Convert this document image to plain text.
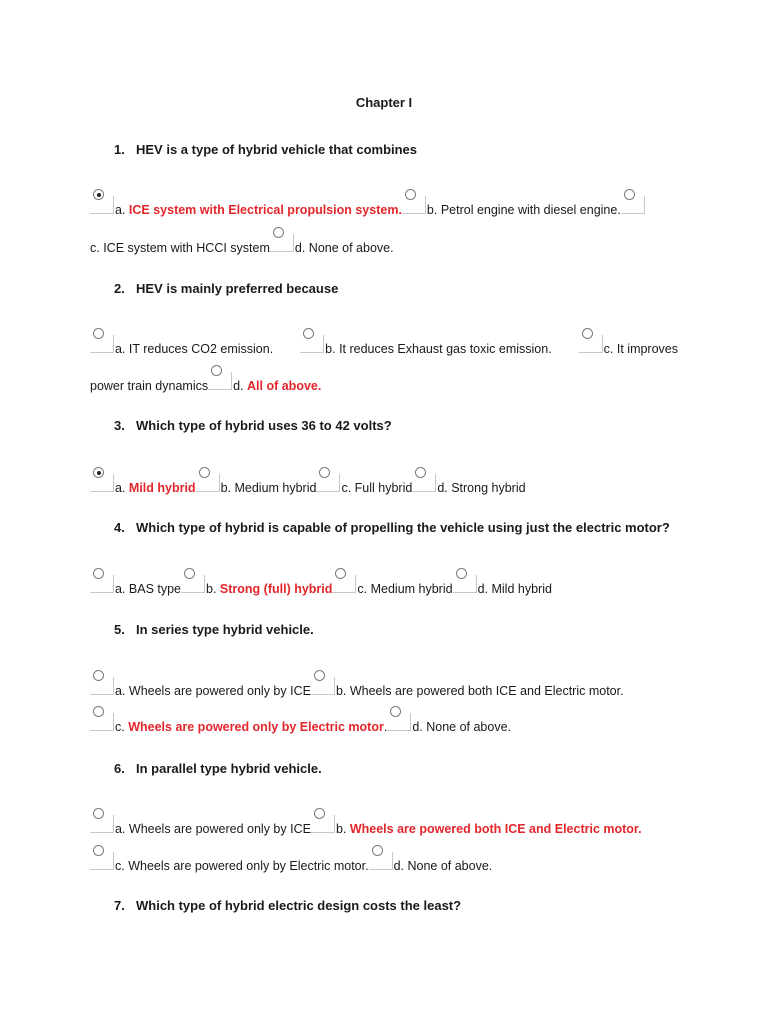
Chapter I
1. HEV is a type of hybrid vehicle that combines
a. ICE system with Electrical propulsion system. b. Petrol engine with diesel engine.
c. ICE system with HCCI system d. None of above.
2. HEV is mainly preferred because
a. IT reduces CO2 emission.	b. It reduces Exhaust gas toxic emission.	c. It improves
power train dynamics d. All of above.
3. Which type of hybrid uses 36 to 42 volts?
a. Mild hybrid b. Medium hybrid c. Full hybrid d. Strong hybrid
4. Which type of hybrid is capable of propelling the vehicle using just the electric motor?
a. BAS type b. Strong (full) hybrid c. Medium hybrid d. Mild hybrid
5. In series type hybrid vehicle.
a. Wheels are powered only by ICE b. Wheels are powered both ICE and Electric motor.
c. Wheels are powered only by Electric motor. d. None of above.
6. In parallel type hybrid vehicle.
a. Wheels are powered only by ICE b. Wheels are powered both ICE and Electric motor.
c. Wheels are powered only by Electric motor. d. None of above.
7. Which type of hybrid electric design costs the least?
